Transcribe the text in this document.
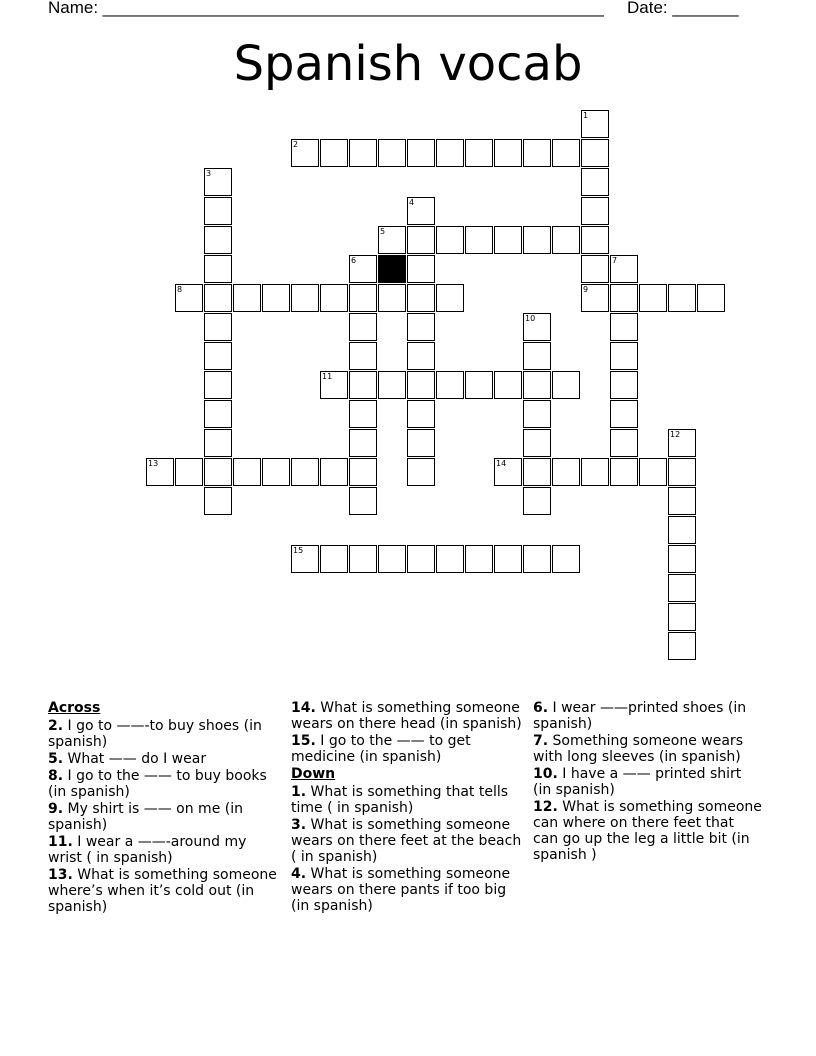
Name: _____________________________________________________ Date: _______
Spanish vocab
1
2
3
4
5
6	7
8	9
10
11
12
13	14
15
Across
2. I go to ——-to buy shoes (in spanish)
5. What —— do I wear
8. I go to the —— to buy books (in spanish)
9. My shirt is —— on me (in spanish)
11. I wear a ——-around my wrist ( in spanish)
13. What is something someone where’s when it’s cold out (in spanish)
14. What is something someone wears on there head (in spanish)
15. I go to the —— to get medicine (in spanish)
Down
1. What is something that tells time ( in spanish)
3. What is something someone wears on there feet at the beach ( in spanish)
4. What is something someone wears on there pants if too big (in spanish)
6. I wear ——printed shoes (in spanish)
7. Something someone wears with long sleeves (in spanish)
10. I have a —— printed shirt (in spanish)
12. What is something someone can where on there feet that can go up the leg a little bit (in spanish )
